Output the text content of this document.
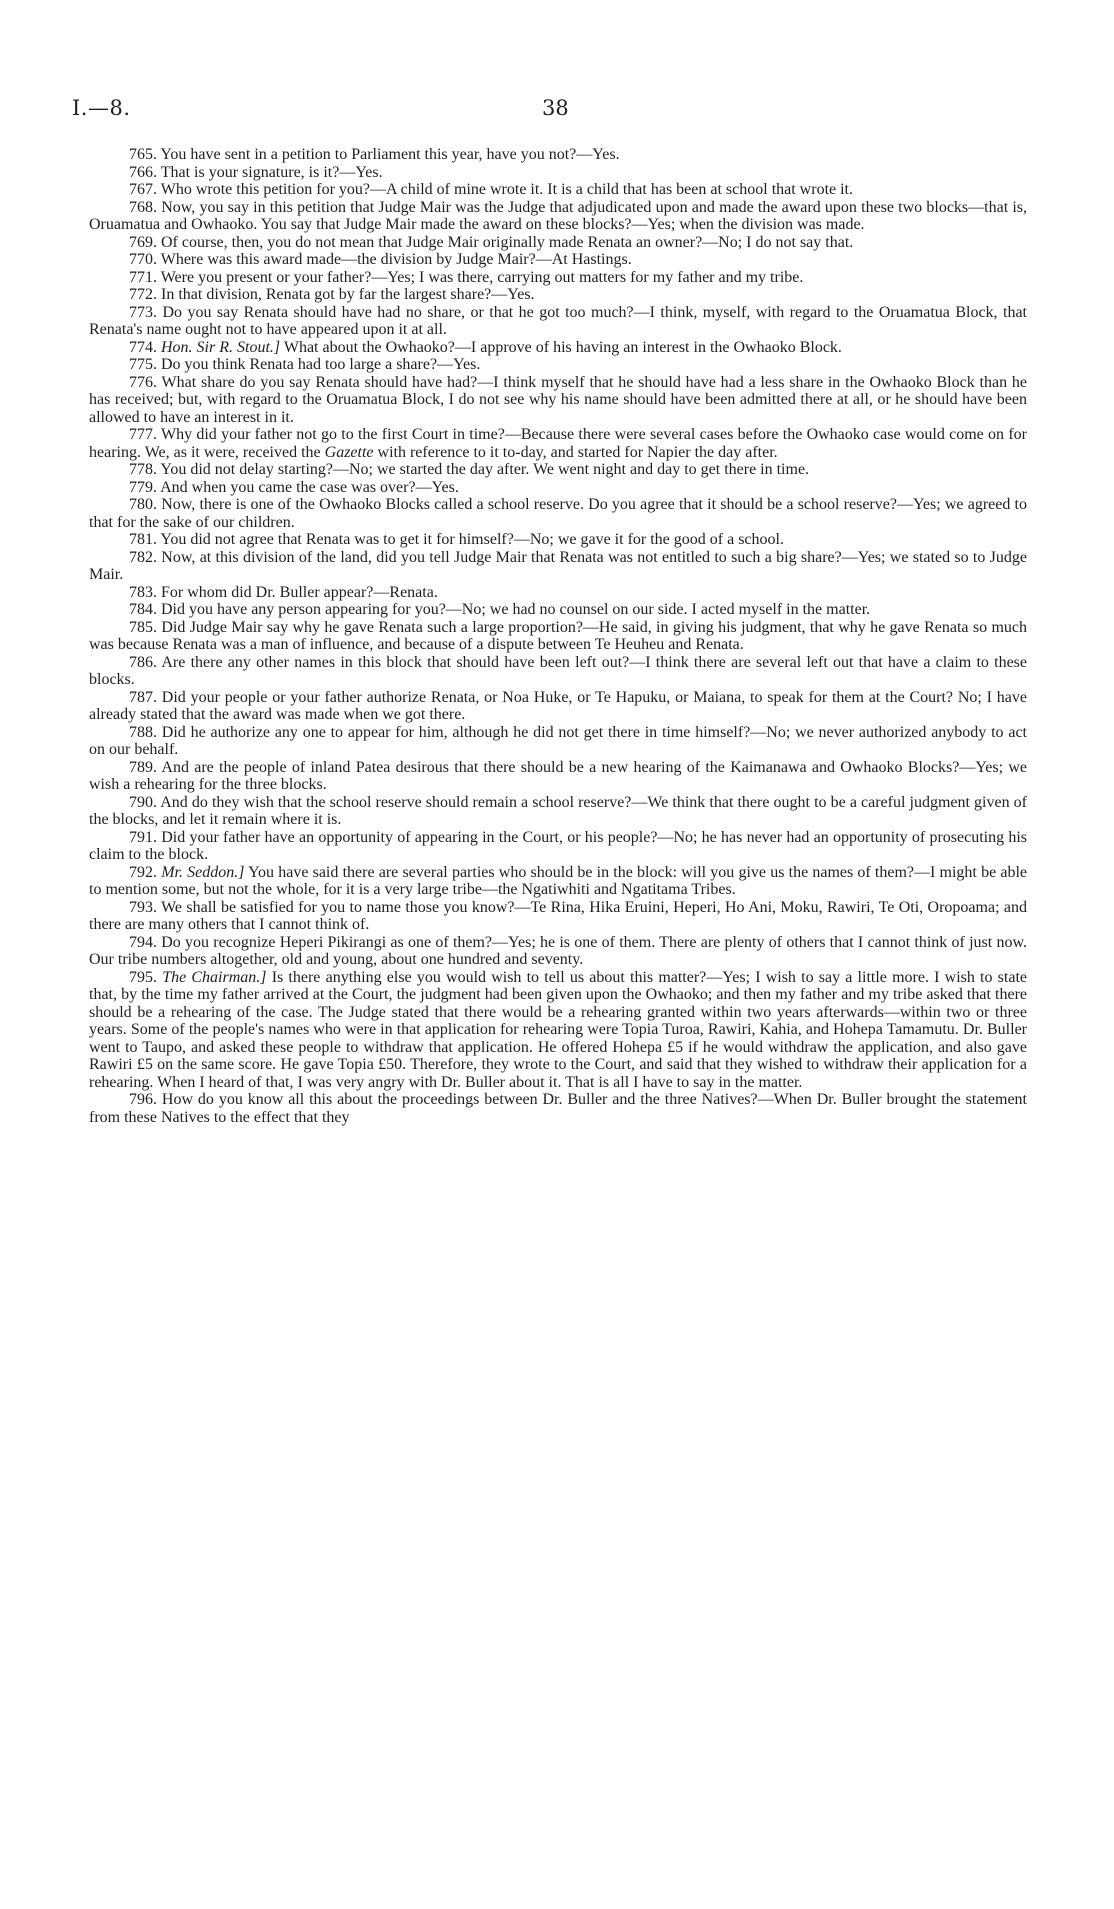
I.—8.	38

765. You have sent in a petition to Parliament this year, have you not?—Yes.

766. That is your signature, is it?—Yes.

767. Who wrote this petition for you?—A child of mine wrote it. It is a child that has been at school that wrote it.

768. Now, you say in this petition that Judge Mair was the Judge that adjudicated upon and made the award upon these two blocks—that is, Oruamatua and Owhaoko. You say that Judge Mair made the award on these blocks?—Yes; when the division was made.

769. Of course, then, you do not mean that Judge Mair originally made Renata an owner?—No; I do not say that.

770. Where was this award made—the division by Judge Mair?—At Hastings.

771. Were you present or your father?—Yes; I was there, carrying out matters for my father and my tribe.

772. In that division, Renata got by far the largest share?—Yes.

773. Do you say Renata should have had no share, or that he got too much?—I think, myself, with regard to the Oruamatua Block, that Renata's name ought not to have appeared upon it at all.

774. Hon. Sir R. Stout.] What about the Owhaoko?—I approve of his having an interest in the Owhaoko Block.

775. Do you think Renata had too large a share?—Yes.

776. What share do you say Renata should have had?—I think myself that he should have had a less share in the Owhaoko Block than he has received; but, with regard to the Oruamatua Block, I do not see why his name should have been admitted there at all, or he should have been allowed to have an interest in it.

777. Why did your father not go to the first Court in time?—Because there were several cases before the Owhaoko case would come on for hearing. We, as it were, received the Gazette with reference to it to-day, and started for Napier the day after.

778. You did not delay starting?—No; we started the day after. We went night and day to get there in time.

779. And when you came the case was over?—Yes.

780. Now, there is one of the Owhaoko Blocks called a school reserve. Do you agree that it should be a school reserve?—Yes; we agreed to that for the sake of our children.

781. You did not agree that Renata was to get it for himself?—No; we gave it for the good of a school.

782. Now, at this division of the land, did you tell Judge Mair that Renata was not entitled to such a big share?—Yes; we stated so to Judge Mair.

783. For whom did Dr. Buller appear?—Renata.

784. Did you have any person appearing for you?—No; we had no counsel on our side. I acted myself in the matter.

785. Did Judge Mair say why he gave Renata such a large proportion?—He said, in giving his judgment, that why he gave Renata so much was because Renata was a man of influence, and because of a dispute between Te Heuheu and Renata.

786. Are there any other names in this block that should have been left out?—I think there are several left out that have a claim to these blocks.

787. Did your people or your father authorize Renata, or Noa Huke, or Te Hapuku, or Maiana, to speak for them at the Court? No; I have already stated that the award was made when we got there.

788. Did he authorize any one to appear for him, although he did not get there in time himself?—No; we never authorized anybody to act on our behalf.

789. And are the people of inland Patea desirous that there should be a new hearing of the Kaimanawa and Owhaoko Blocks?—Yes; we wish a rehearing for the three blocks.

790. And do they wish that the school reserve should remain a school reserve?—We think that there ought to be a careful judgment given of the blocks, and let it remain where it is.

791. Did your father have an opportunity of appearing in the Court, or his people?—No; he has never had an opportunity of prosecuting his claim to the block.

792. Mr. Seddon.] You have said there are several parties who should be in the block: will you give us the names of them?—I might be able to mention some, but not the whole, for it is a very large tribe—the Ngatiwhiti and Ngatitama Tribes.

793. We shall be satisfied for you to name those you know?—Te Rina, Hika Eruini, Heperi, Ho Ani, Moku, Rawiri, Te Oti, Oropoama; and there are many others that I cannot think of.

794. Do you recognize Heperi Pikirangi as one of them?—Yes; he is one of them. There are plenty of others that I cannot think of just now. Our tribe numbers altogether, old and young, about one hundred and seventy.

795. The Chairman.] Is there anything else you would wish to tell us about this matter?—Yes; I wish to say a little more. I wish to state that, by the time my father arrived at the Court, the judgment had been given upon the Owhaoko; and then my father and my tribe asked that there should be a rehearing of the case. The Judge stated that there would be a rehearing granted within two years afterwards—within two or three years. Some of the people's names who were in that application for rehearing were Topia Turoa, Rawiri, Kahia, and Hohepa Tamamutu. Dr. Buller went to Taupo, and asked these people to withdraw that application. He offered Hohepa £5 if he would withdraw the application, and also gave Rawiri £5 on the same score. He gave Topia £50. Therefore, they wrote to the Court, and said that they wished to withdraw their application for a rehearing. When I heard of that, I was very angry with Dr. Buller about it. That is all I have to say in the matter.

796. How do you know all this about the proceedings between Dr. Buller and the three Natives?—When Dr. Buller brought the statement from these Natives to the effect that they
